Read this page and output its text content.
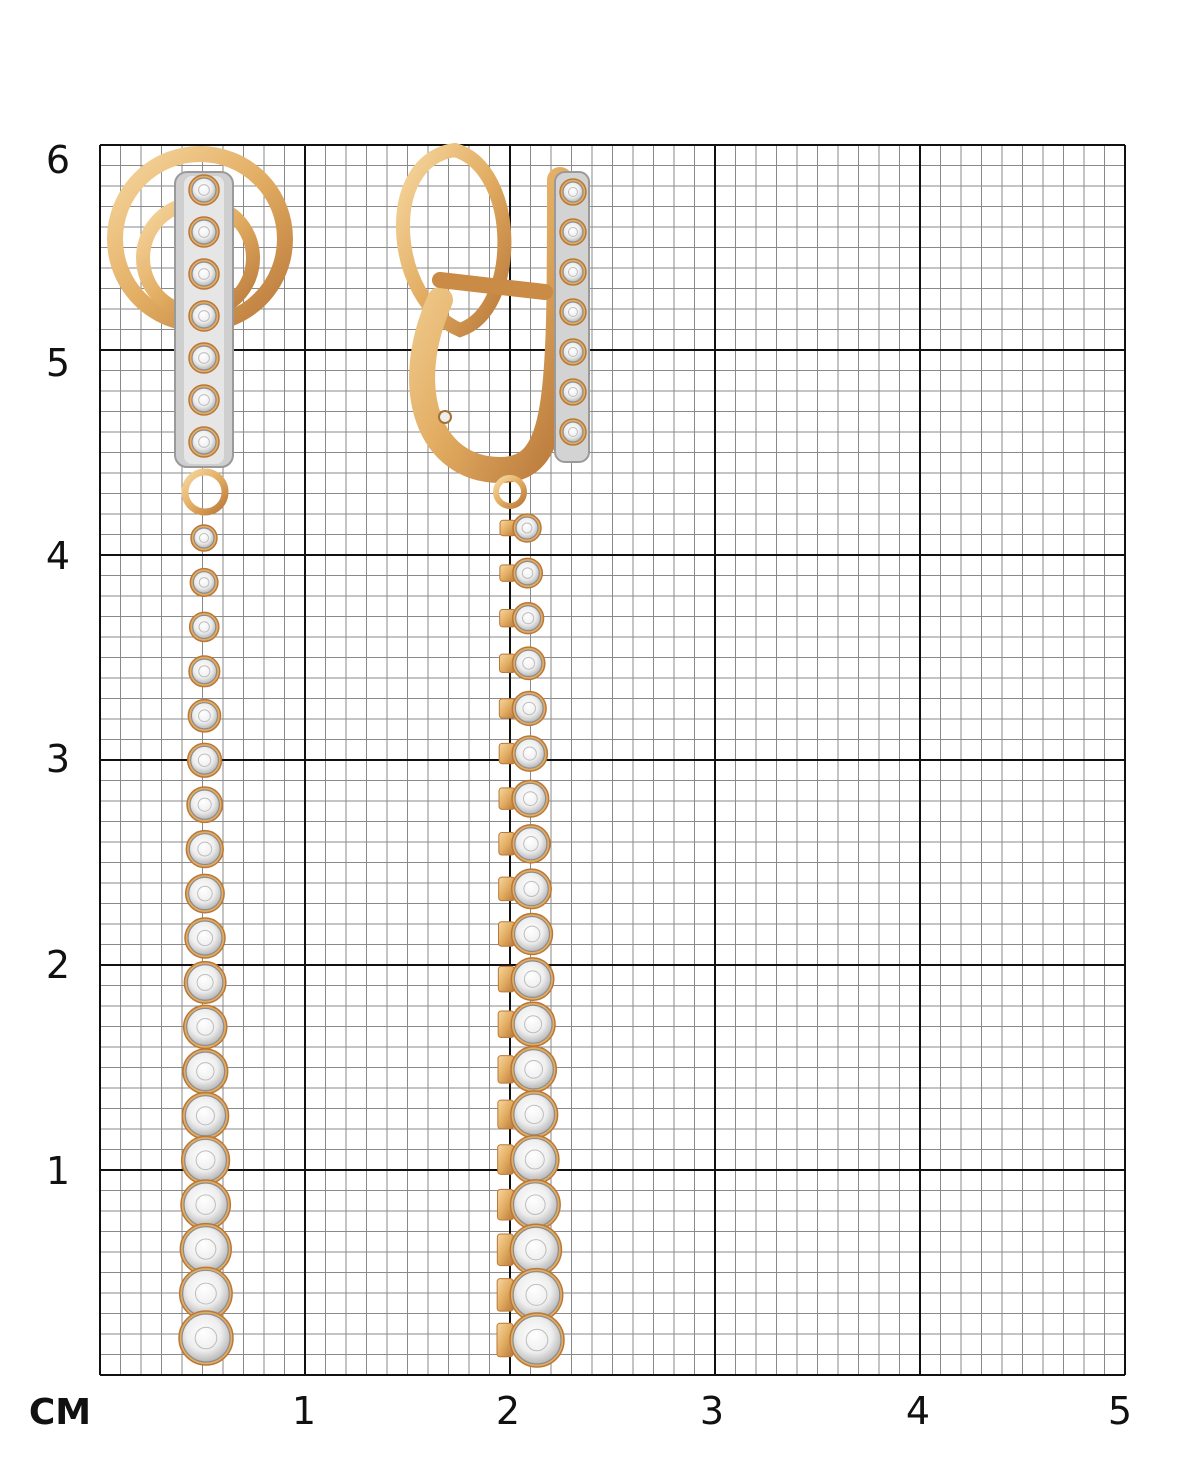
6
5
4
3
2
1
СМ	1	2	3	4	5
